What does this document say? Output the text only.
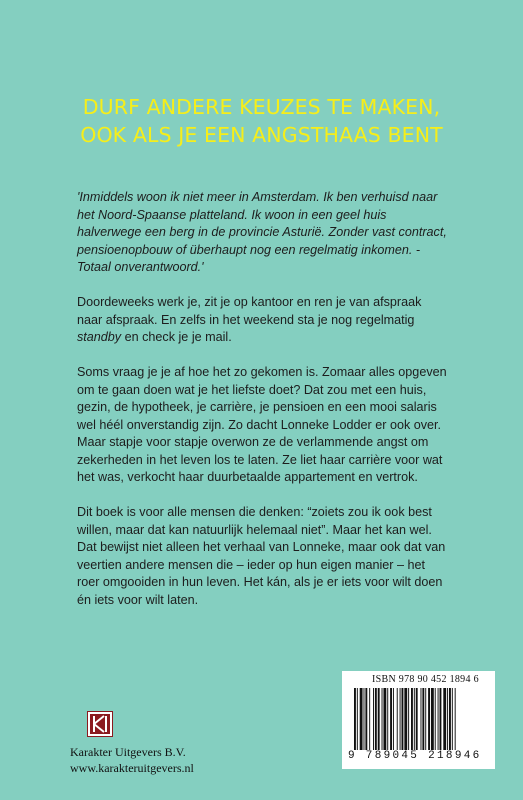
DURF ANDERE KEUZES TE MAKEN,
OOK ALS JE EEN ANGSTHAAS BENT

'Inmiddels woon ik niet meer in Amsterdam. Ik ben verhuisd naar het Noord-Spaanse platteland. Ik woon in een geel huis halverwege een berg in de provincie Asturië. Zonder vast contract, pensioenopbouw of überhaupt nog een regelmatig inkomen. - Totaal onverantwoord.'

Doordeweeks werk je, zit je op kantoor en ren je van afspraak naar afspraak. En zelfs in het weekend sta je nog regelmatig standby en check je je mail.

Soms vraag je je af hoe het zo gekomen is. Zomaar alles opgeven om te gaan doen wat je het liefste doet? Dat zou met een huis, gezin, de hypotheek, je carrière, je pensioen en een mooi salaris wel héél onverstandig zijn. Zo dacht Lonneke Lodder er ook over. Maar stapje voor stapje overwon ze de verlammende angst om zekerheden in het leven los te laten. Ze liet haar carrière voor wat het was, verkocht haar duurbetaalde appartement en vertrok.

Dit boek is voor alle mensen die denken: “zoiets zou ik ook best willen, maar dat kan natuurlijk helemaal niet”. Maar het kan wel. Dat bewijst niet alleen het verhaal van Lonneke, maar ook dat van veertien andere mensen die – ieder op hun eigen manier – het roer omgooiden in hun leven. Het kán, als je er iets voor wilt doen én iets voor wilt laten.

Karakter Uitgevers B.V.
www.karakteruitgevers.nl
ISBN 978 90 452 1894 6
9 789045 218946
